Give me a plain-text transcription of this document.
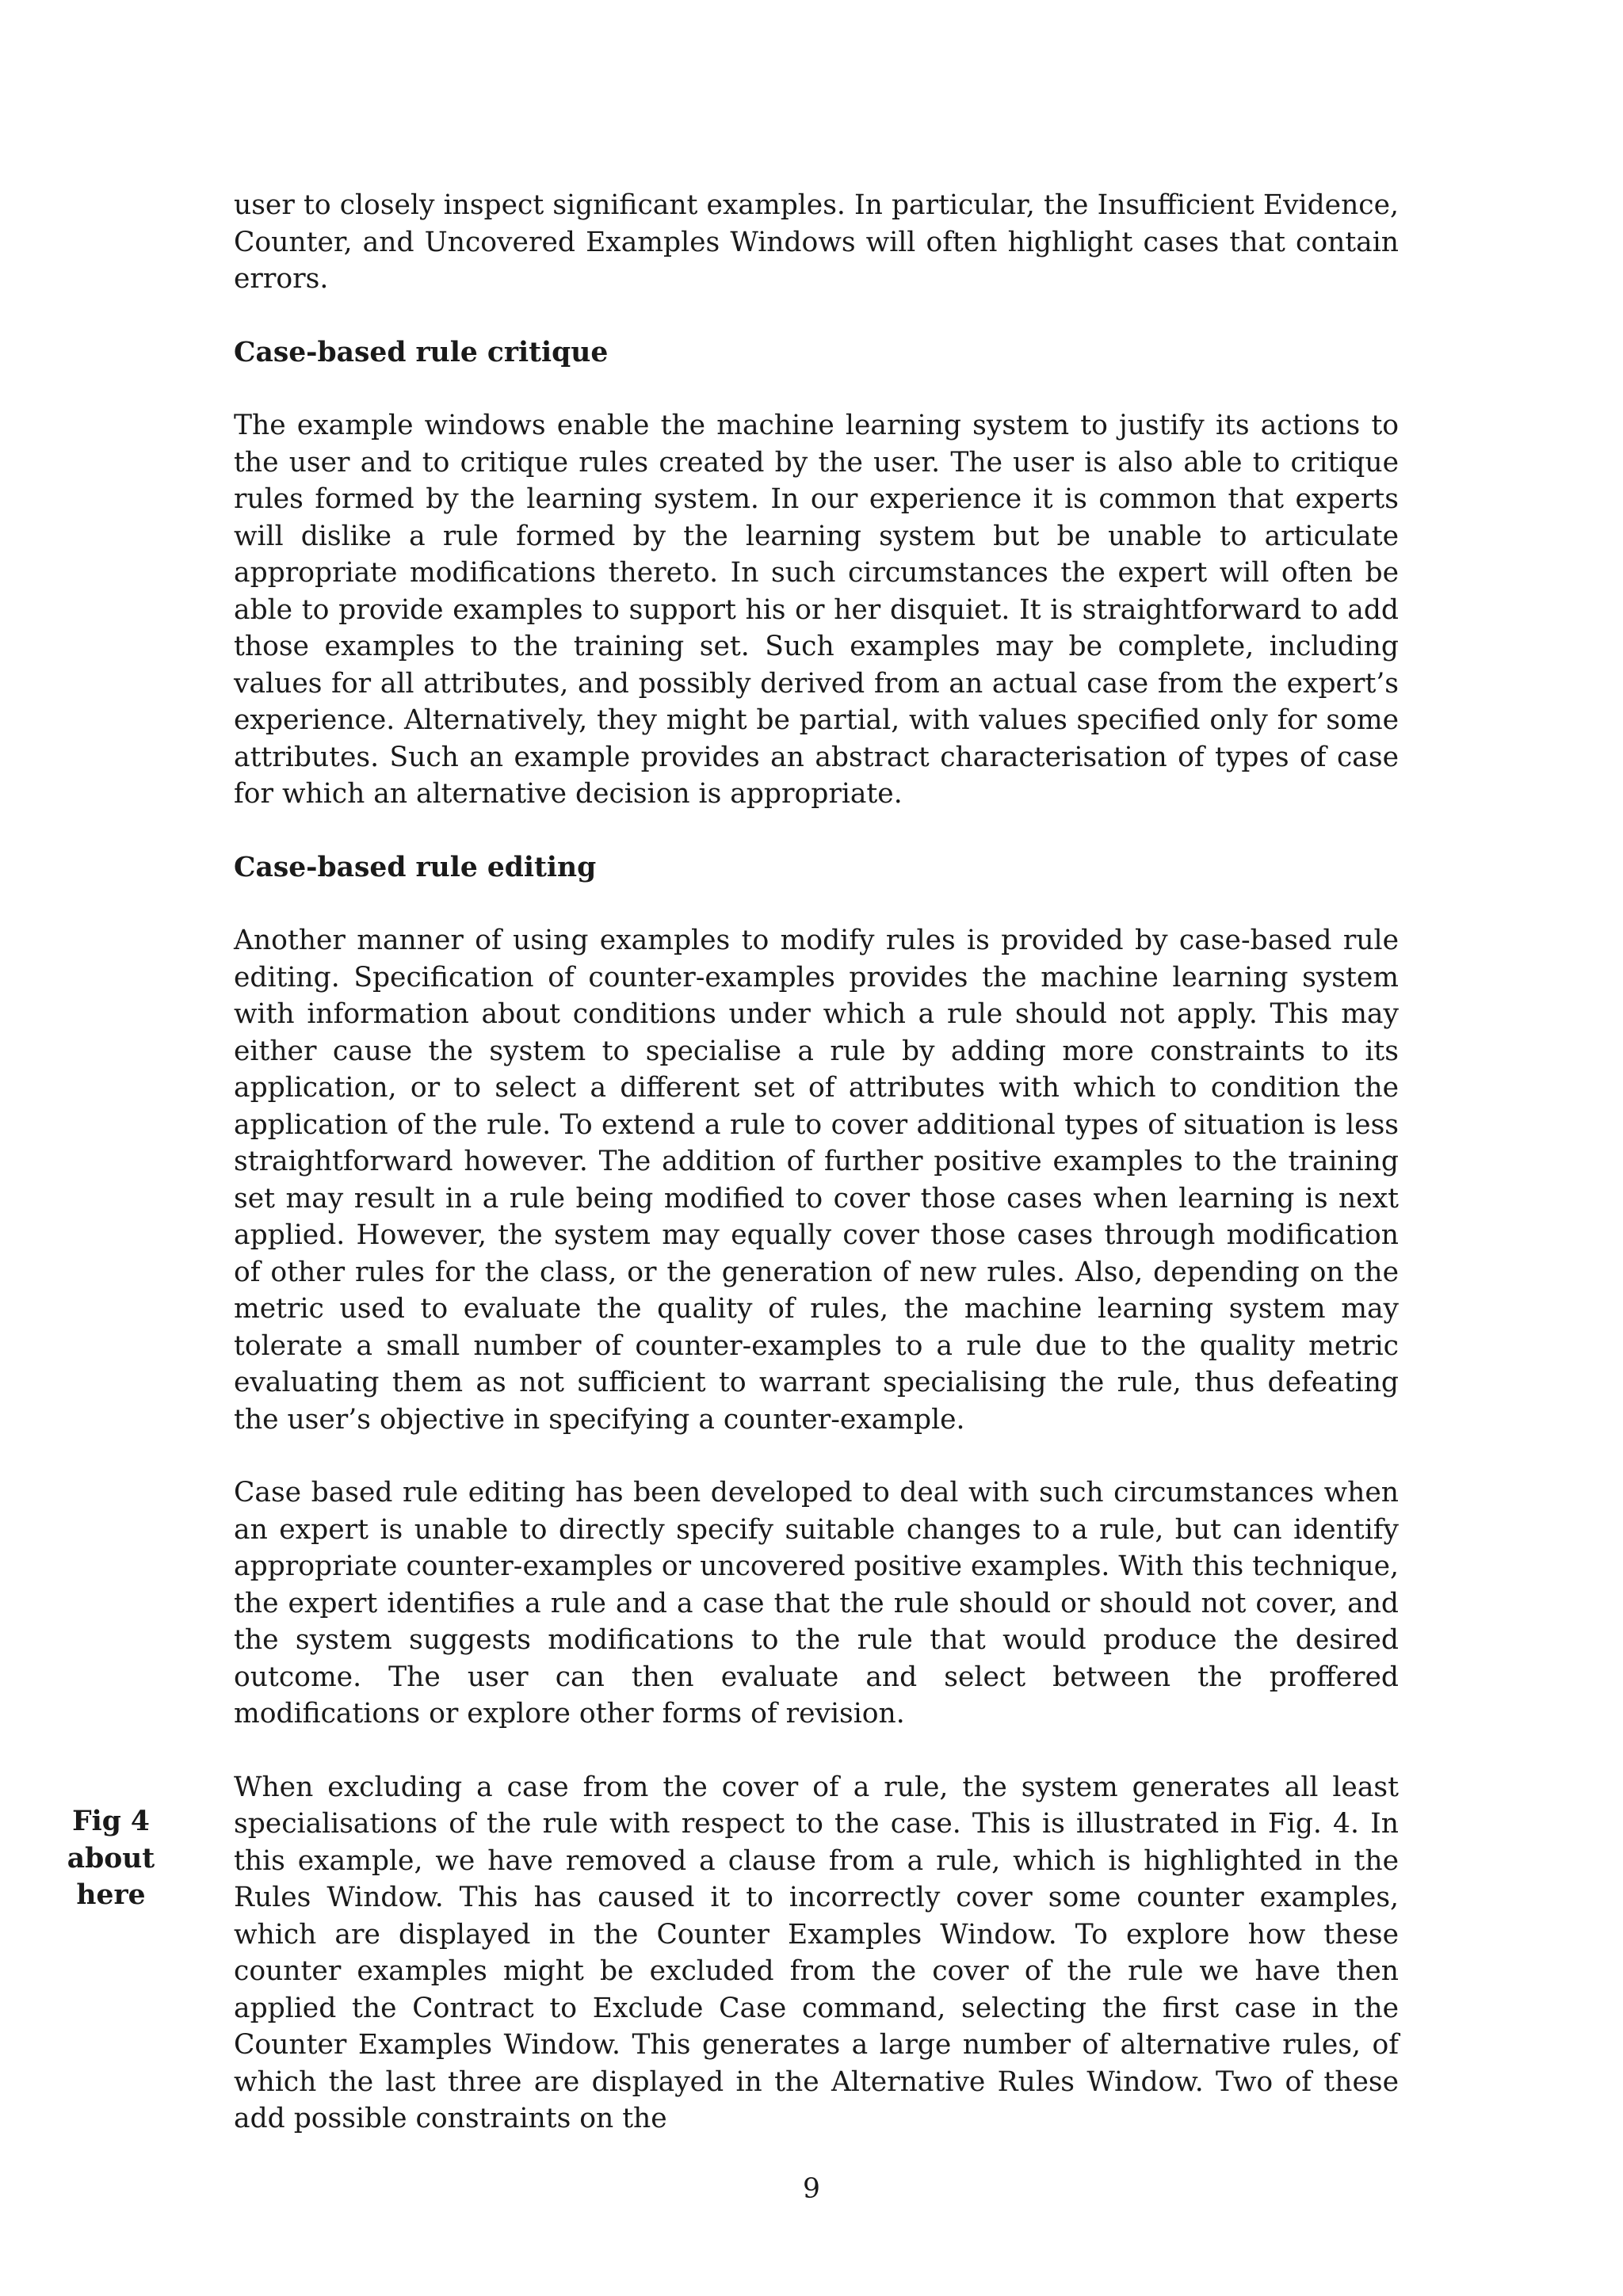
user to closely inspect significant examples. In particular, the Insufficient Evidence, Counter, and Uncovered Examples Windows will often highlight cases that contain errors.

Case-based rule critique

The example windows enable the machine learning system to justify its actions to the user and to critique rules created by the user. The user is also able to critique rules formed by the learning system. In our experience it is common that experts will dislike a rule formed by the learning system but be unable to articulate appropriate modifications thereto. In such circumstances the expert will often be able to provide examples to support his or her disquiet. It is straightforward to add those examples to the training set. Such examples may be complete, including values for all attributes, and possibly derived from an actual case from the expert’s experience. Alternatively, they might be partial, with values specified only for some attributes. Such an example provides an abstract characterisation of types of case for which an alternative decision is appropriate.

Case-based rule editing

Another manner of using examples to modify rules is provided by case-based rule editing. Specification of counter-examples provides the machine learning system with information about conditions under which a rule should not apply. This may either cause the system to specialise a rule by adding more constraints to its application, or to select a different set of attributes with which to condition the application of the rule. To extend a rule to cover additional types of situation is less straightforward however. The addition of further positive examples to the training set may result in a rule being modified to cover those cases when learning is next applied. However, the system may equally cover those cases through modification of other rules for the class, or the generation of new rules. Also, depending on the metric used to evaluate the quality of rules, the machine learning system may tolerate a small number of counter-examples to a rule due to the quality metric evaluating them as not sufficient to warrant specialising the rule, thus defeating the user’s objective in specifying a counter-example.

Case based rule editing has been developed to deal with such circumstances when an expert is unable to directly specify suitable changes to a rule, but can identify appropriate counter-examples or uncovered positive examples. With this technique, the expert identifies a rule and a case that the rule should or should not cover, and the system suggests modifications to the rule that would produce the desired outcome. The user can then evaluate and select between the proffered modifications or explore other forms of revision.

When excluding a case from the cover of a rule, the system generates all least specialisations of the rule with respect to the case. This is illustrated in Fig. 4. In this example, we have removed a clause from a rule, which is highlighted in the Rules Window. This has caused it to incorrectly cover some counter examples, which are displayed in the Counter Examples Window. To explore how these counter examples might be excluded from the cover of the rule we have then applied the Contract to Exclude Case command, selecting the first case in the Counter Examples Window. This generates a large number of alternative rules, of which the last three are displayed in the Alternative Rules Window. Two of these add possible constraints on the

Fig 4
about
here
9
